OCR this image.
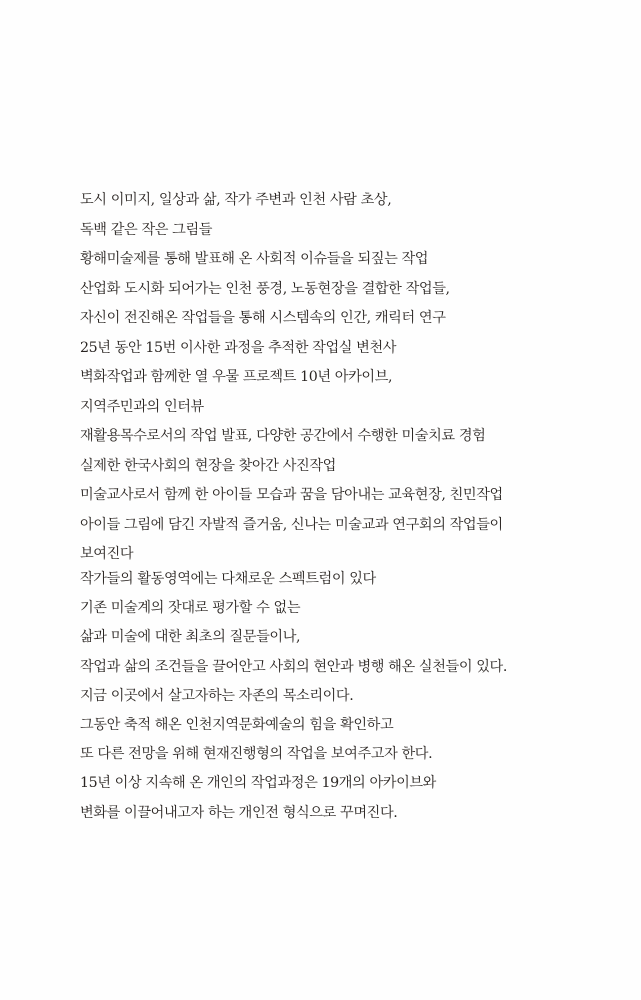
도시 이미지, 일상과 삶, 작가 주변과 인천 사람 초상,
독백 같은 작은 그림들
황해미술제를 통해 발표해 온 사회적 이슈들을 되짚는 작업
산업화 도시화 되어가는 인천 풍경, 노동현장을 결합한 작업들,
자신이 전진해온 작업들을 통해 시스템속의 인간, 캐릭터 연구
25년 동안 15번 이사한 과정을 추적한 작업실 변천사
벽화작업과 함께한 열 우물 프로젝트 10년 아카이브,
지역주민과의 인터뷰
재활용목수로서의 작업 발표, 다양한 공간에서 수행한 미술치료 경험
실제한 한국사회의 현장을 찾아간 사진작업
미술교사로서 함께 한 아이들 모습과 꿈을 담아내는 교육현장, 친민작업
아이들 그림에 담긴 자발적 즐거움, 신나는 미술교과 연구회의 작업들이
보여진다
작가들의 활동영역에는 다채로운 스펙트럼이 있다
기존 미술계의 잣대로 평가할 수 없는
삶과 미술에 대한 최초의 질문들이나,
작업과 삶의 조건들을 끌어안고 사회의 현안과 병행 해온 실천들이 있다.
지금 이곳에서 살고자하는 자존의 목소리이다.
그동안 축적 해온 인천지역문화예술의 힘을 확인하고
또 다른 전망을 위해 현재진행형의 작업을 보여주고자 한다.
15년 이상 지속해 온 개인의 작업과정은 19개의 아카이브와
변화를 이끌어내고자 하는 개인전 형식으로 꾸며진다.
